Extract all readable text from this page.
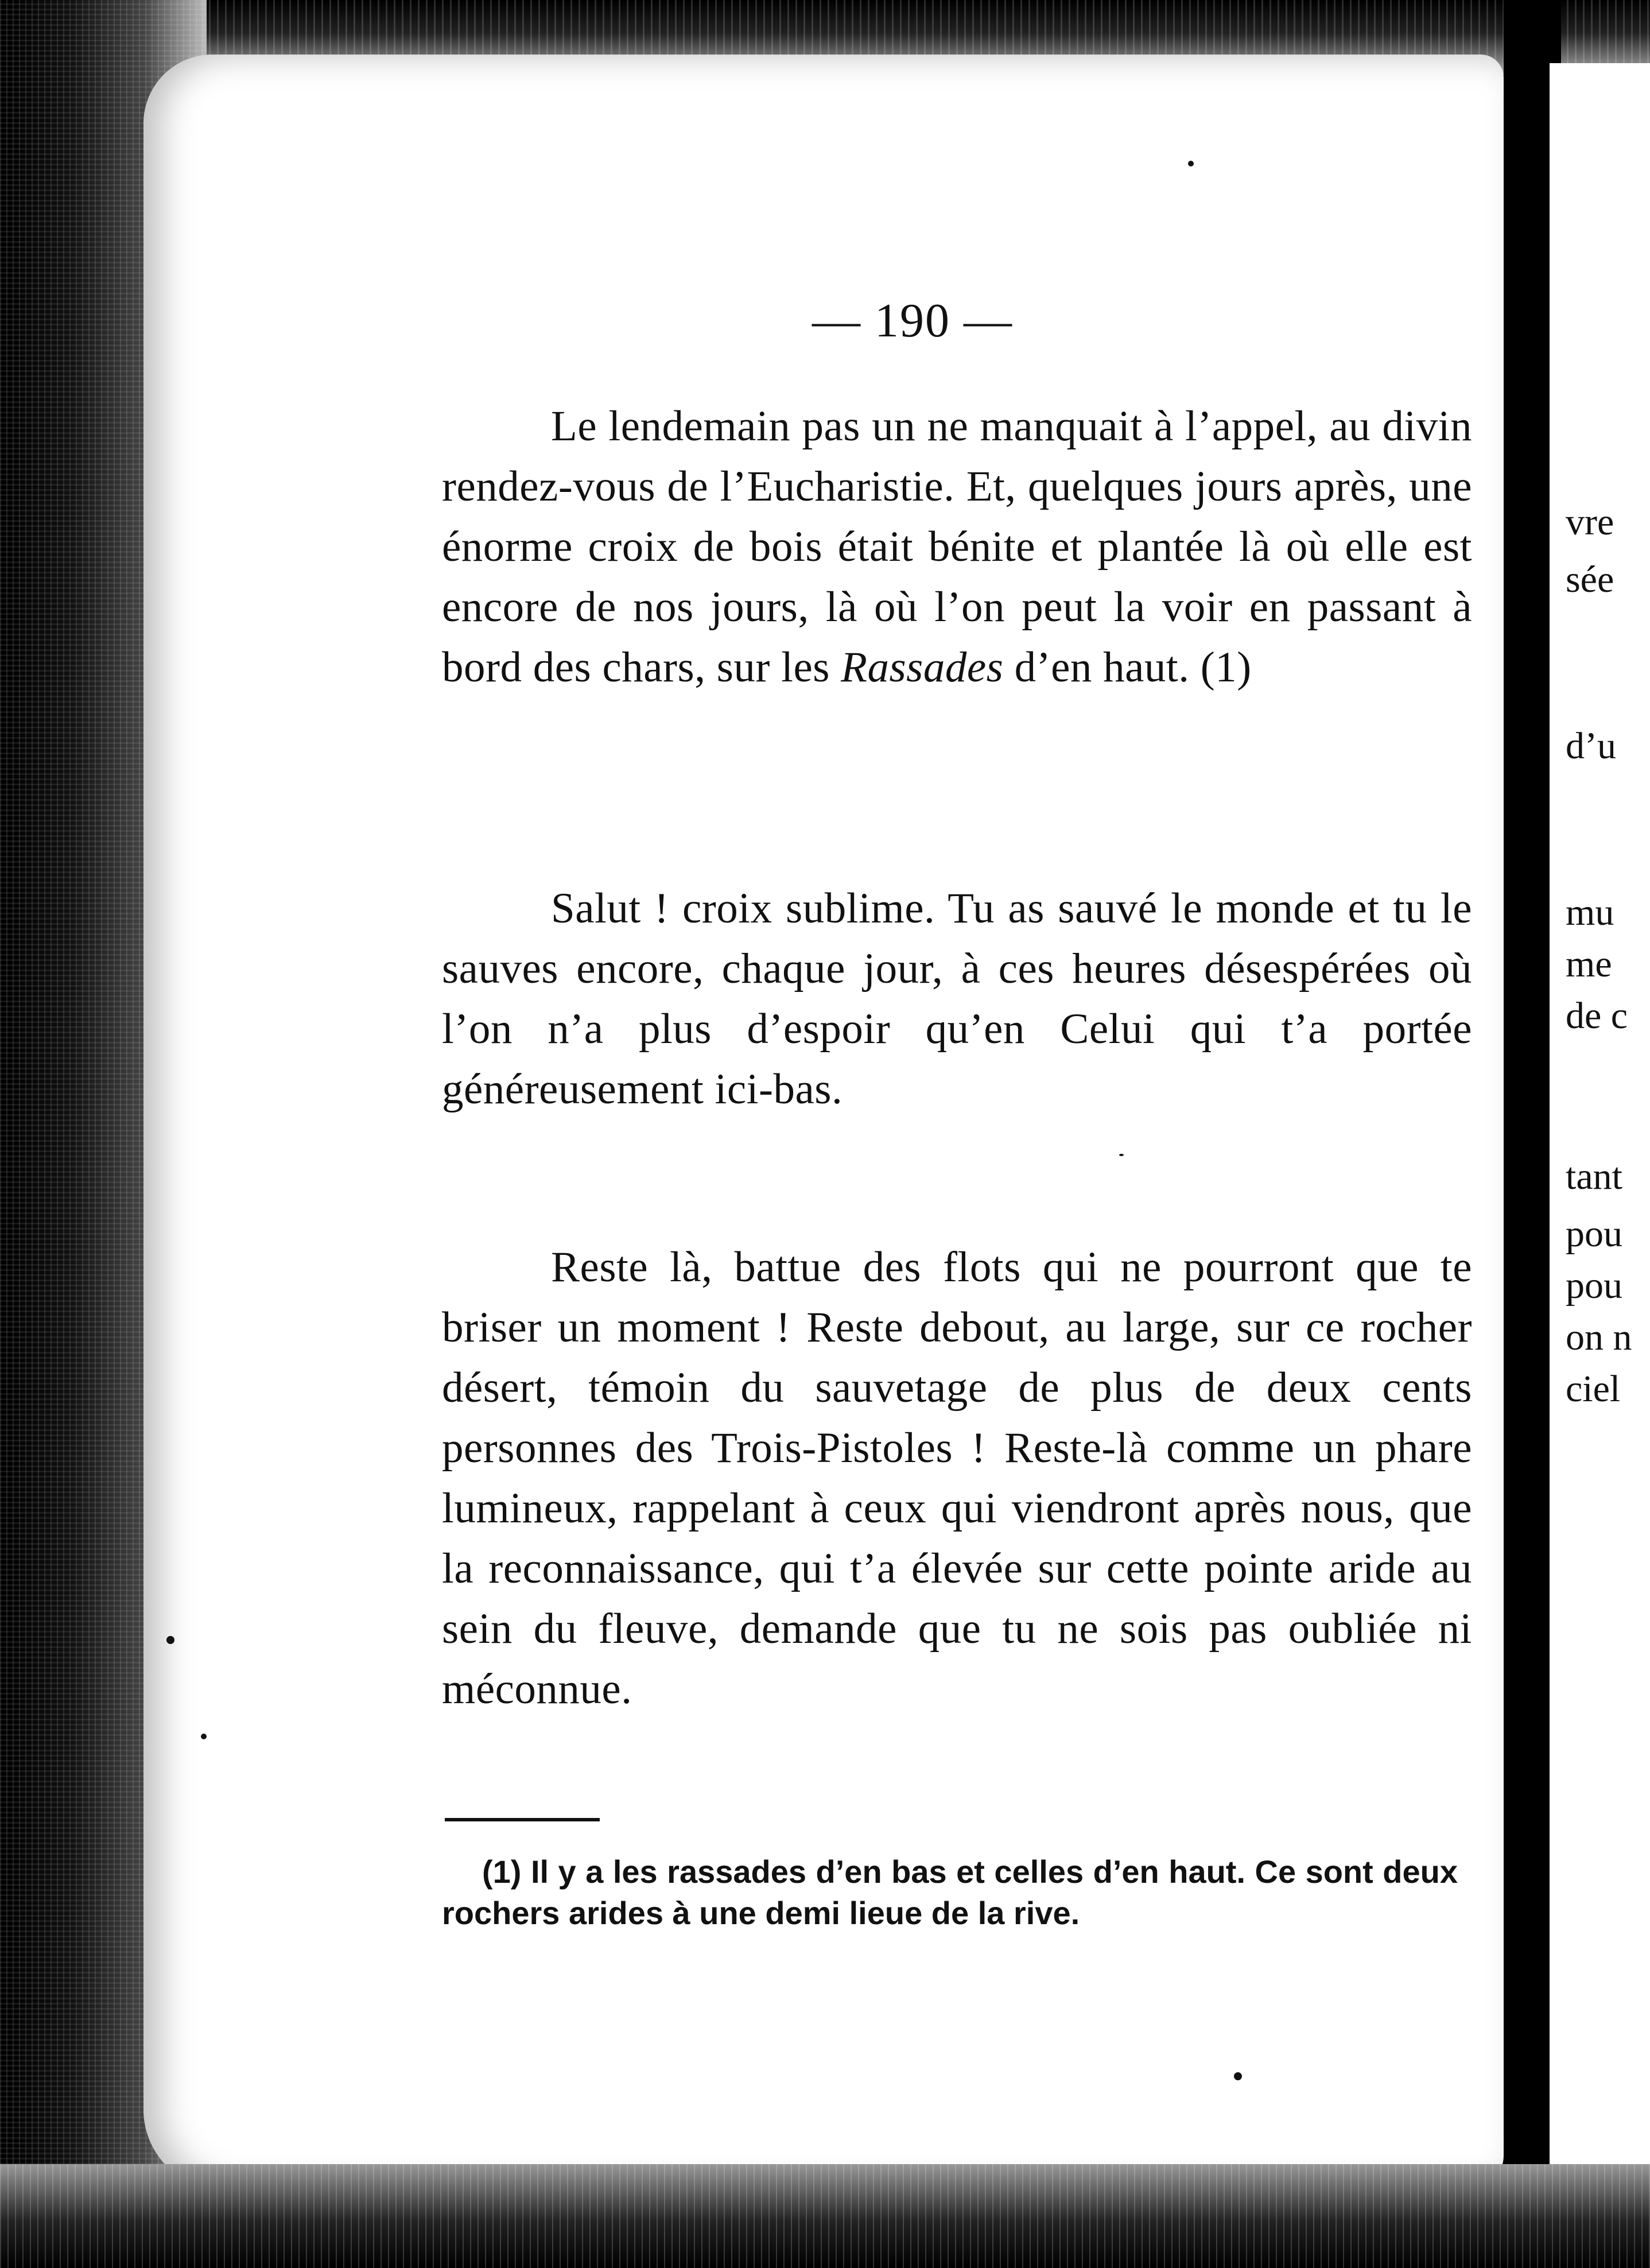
— 190 —

Le lendemain pas un ne manquait à l’appel, au divin rendez-vous de l’Eucharistie. Et, quelques jours après, une énorme croix de bois était bénite et plantée là où elle est encore de nos jours, là où l’on peut la voir en passant à bord des chars, sur les Rassades d’en haut. (1)

Salut ! croix sublime. Tu as sauvé le monde et tu le sauves encore, chaque jour, à ces heures désespérées où l’on n’a plus d’espoir qu’en Celui qui t’a portée généreusement ici-bas.

Reste là, battue des flots qui ne pourront que te briser un moment ! Reste debout, au large, sur ce rocher désert, témoin du sauvetage de plus de deux cents personnes des Trois-Pistoles ! Reste-là comme un phare lumineux, rappelant à ceux qui viendront après nous, que la reconnaissance, qui t’a élevée sur cette pointe aride au sein du fleuve, demande que tu ne sois pas oubliée ni méconnue.

(1) Il y a les rassades d’en bas et celles d’en haut. Ce sont deux rochers arides à une demi lieue de la rive.

vre
sée
d’u
mu
me
de c
tant
pou
pou
on n
ciel
